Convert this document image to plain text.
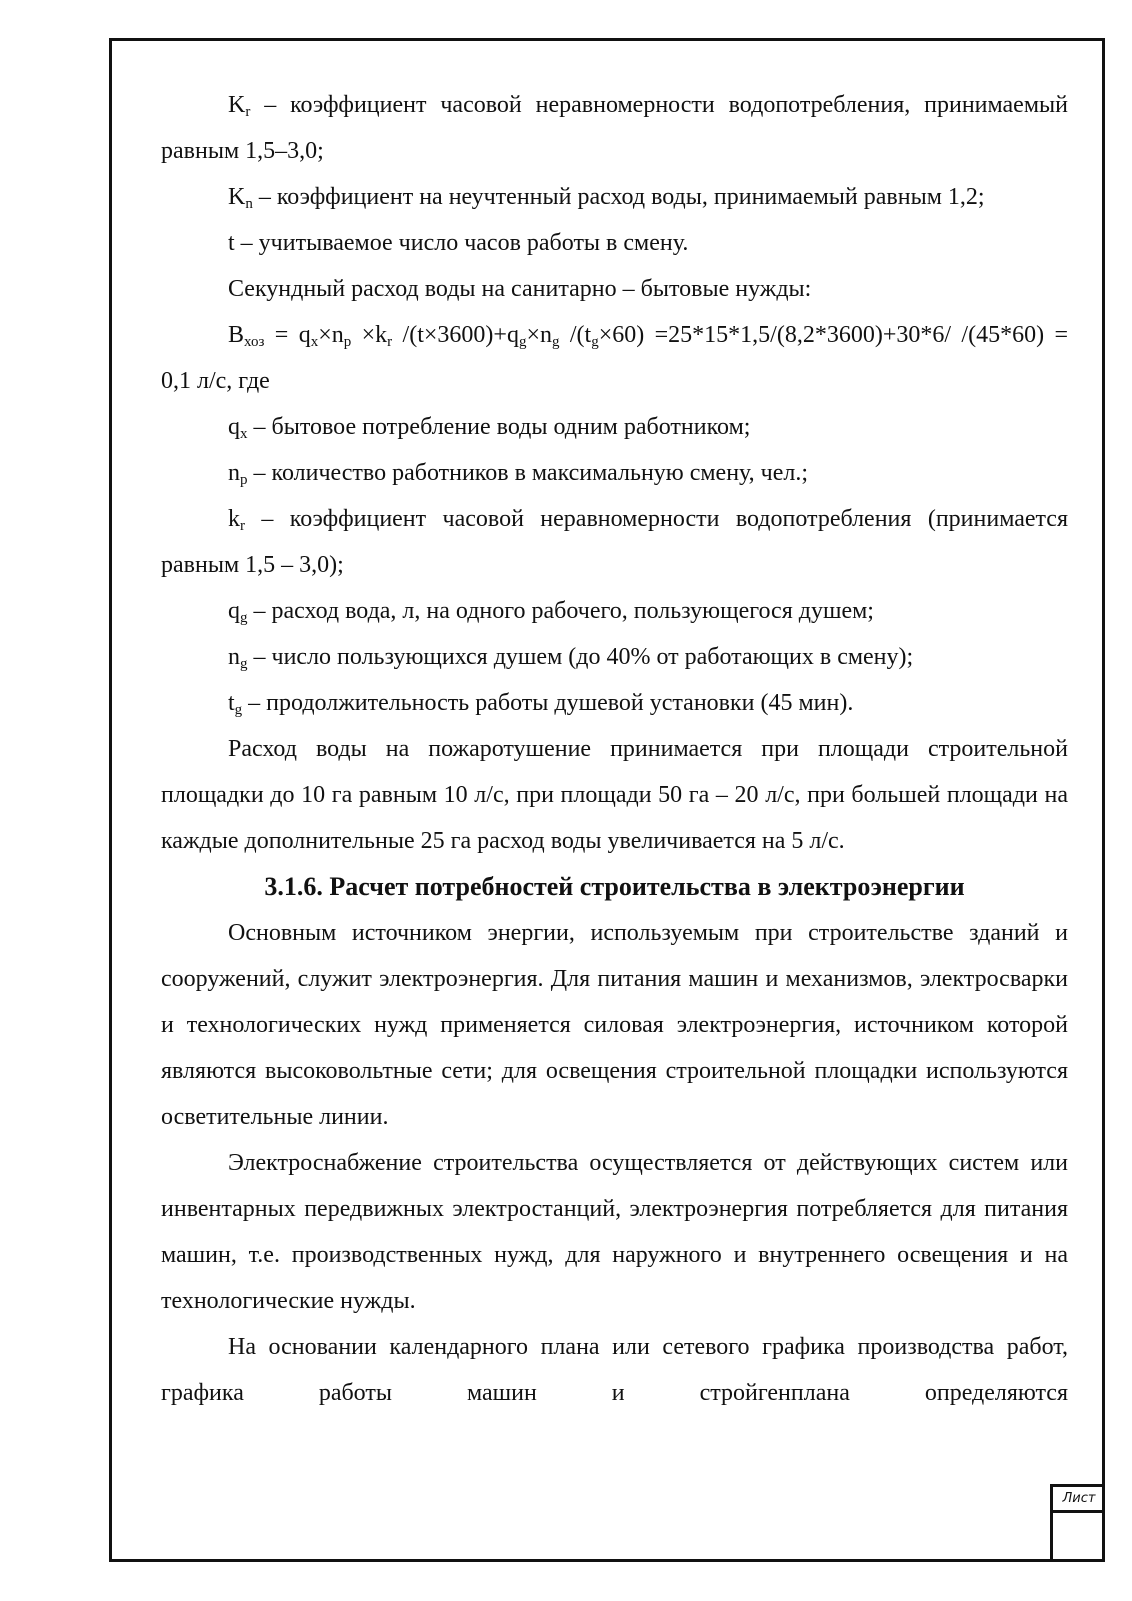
$K_r$ – коэффициент часовой неравномерности водопотребления, принимаемый равным 1,5–3,0;

$K_n$ – коэффициент на неучтенный расход воды, принимаемый равным 1,2;

t – учитываемое число часов работы в смену.

Секундный расход воды на санитарно – бытовые нужды:

$B_{хоз} = q_x\times n_p \times k_r$ $/(t\times 3600)+q_g\times n_g$ $/(t_g\times 60) =25*15*1,5/(8,2*3600)+30*6/$ /(45*60) = 0,1 л/с, где

$q_x$ – бытовое потребление воды одним работником;

$n_p$ – количество работников в максимальную смену, чел.;

$k_r$ – коэффициент часовой неравномерности водопотребления (принимается равным 1,5 – 3,0);

$q_g$ – расход вода, л, на одного рабочего, пользующегося душем;

$n_g$ – число пользующихся душем (до 40% от работающих в смену);

$t_g$ – продолжительность работы душевой установки (45 мин).

Расход воды на пожаротушение принимается при площади строительной площадки до 10 га равным 10 л/с, при площади 50 га – 20 л/с, при большей площади на каждые дополнительные 25 га расход воды увеличивается на 5 л/с.

3.1.6. Расчет потребностей строительства в электроэнергии

Основным источником энергии, используемым при строительстве зданий и сооружений, служит электроэнергия. Для питания машин и механизмов, электросварки и технологических нужд применяется силовая электроэнергия, источником которой являются высоковольтные сети; для освещения строительной площадки используются осветительные линии.

Электроснабжение строительства осуществляется от действующих систем или инвентарных передвижных электростанций, электроэнергия потребляется для питания машин, т.е. производственных нужд, для наружного и внутреннего освещения и на технологические нужды.

На основании календарного плана или сетевого графика производства работ, графика работы машин и стройгенплана определяются

Лист
